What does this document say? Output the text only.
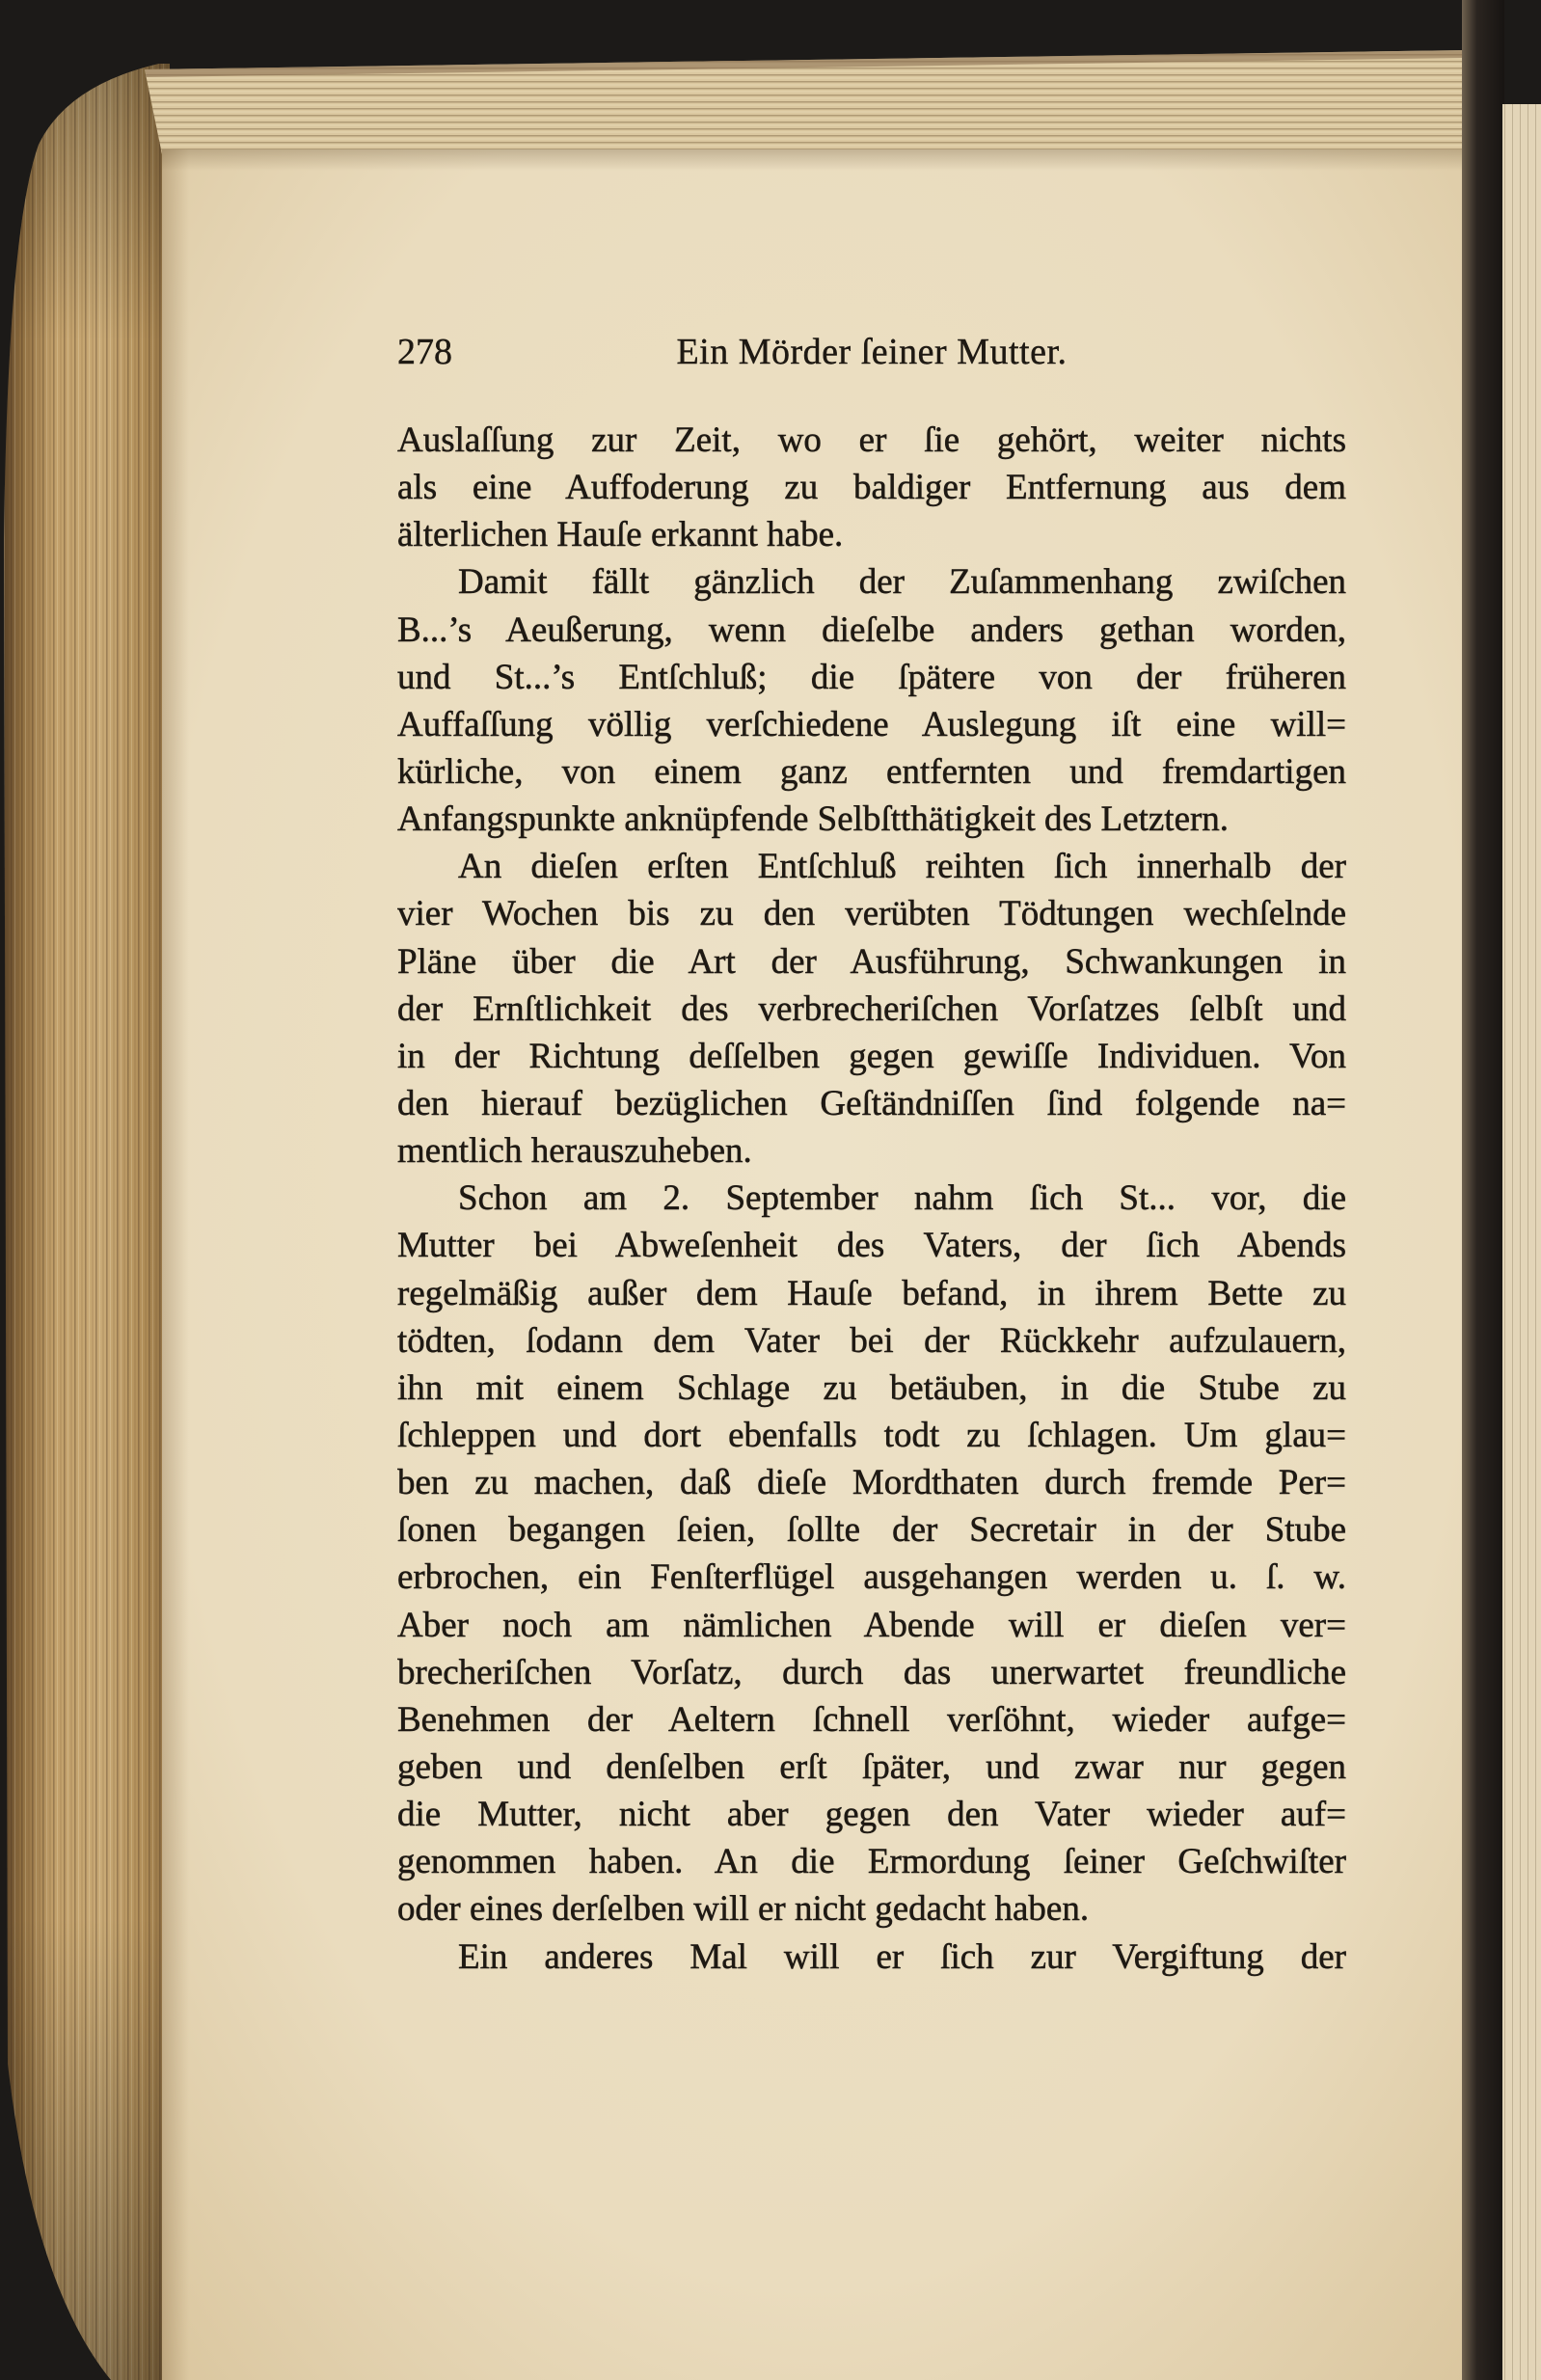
278	Ein Mörder ſeiner Mutter.
Auslaſſung zur Zeit, wo er ſie gehört, weiter nichts
als eine Auffoderung zu baldiger Entfernung aus dem
älterlichen Hauſe erkannt habe.
Damit fällt gänzlich der Zuſammenhang zwiſchen
B...’s Aeußerung, wenn dieſelbe anders gethan worden,
und St...’s Entſchluß; die ſpätere von der früheren
Auffaſſung völlig verſchiedene Auslegung iſt eine will=
kürliche, von einem ganz entfernten und fremdartigen
Anfangspunkte anknüpfende Selbſtthätigkeit des Letztern.
An dieſen erſten Entſchluß reihten ſich innerhalb der
vier Wochen bis zu den verübten Tödtungen wechſelnde
Pläne über die Art der Ausführung, Schwankungen in
der Ernſtlichkeit des verbrecheriſchen Vorſatzes ſelbſt und
in der Richtung deſſelben gegen gewiſſe Individuen. Von
den hierauf bezüglichen Geſtändniſſen ſind folgende na=
mentlich herauszuheben.
Schon am 2. September nahm ſich St... vor, die
Mutter bei Abweſenheit des Vaters, der ſich Abends
regelmäßig außer dem Hauſe befand, in ihrem Bette zu
tödten, ſodann dem Vater bei der Rückkehr aufzulauern,
ihn mit einem Schlage zu betäuben, in die Stube zu
ſchleppen und dort ebenfalls todt zu ſchlagen. Um glau=
ben zu machen, daß dieſe Mordthaten durch fremde Per=
ſonen begangen ſeien, ſollte der Secretair in der Stube
erbrochen, ein Fenſterflügel ausgehangen werden u. ſ. w.
Aber noch am nämlichen Abende will er dieſen ver=
brecheriſchen Vorſatz, durch das unerwartet freundliche
Benehmen der Aeltern ſchnell verſöhnt, wieder aufge=
geben und denſelben erſt ſpäter, und zwar nur gegen
die Mutter, nicht aber gegen den Vater wieder auf=
genommen haben. An die Ermordung ſeiner Geſchwiſter
oder eines derſelben will er nicht gedacht haben.
Ein anderes Mal will er ſich zur Vergiftung der
